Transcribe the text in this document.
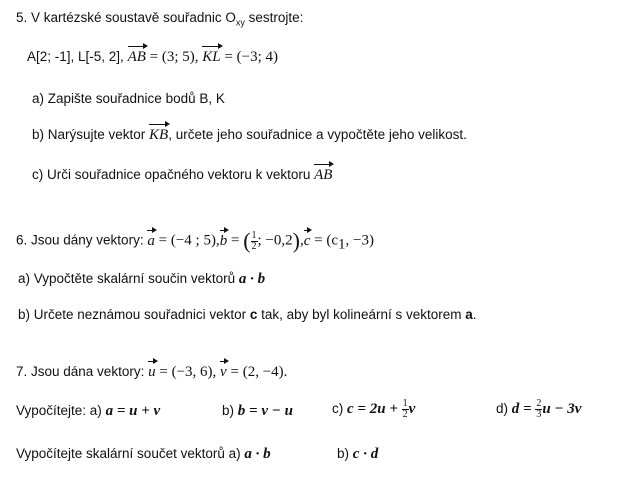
5. V kartézské soustavě souřadnic $O_{xy}$ sestrojte:
A[2; -1], L[-5, 2], AB = (3; 5), KL = (−3; 4)
a) Zapište souřadnice bodů B, K
b) Narýsujte vektor KB, určete jeho souřadnice a vypočtěte jeho velikost.
c) Urči souřadnice opačného vektoru k vektoru AB
6. Jsou dány vektory: a = (−4 ; 5),b = ( $\frac{1}{2}$ ; $-0,2),c = (c_1$, −3)
a) Vypočtěte skalární součin vektorů a · b
b) Určete neznámou souřadnici vektor c tak, aby byl kolineární s vektorem a.
7. Jsou dána vektory: u = (−3, 6), v = (2, −4).
Vypočítejte: a) a = u + v	b) b = v − u	c) $c = 2u + \frac{1}{2}$ v	d) $d = \frac{2}{3}$ u − 3v
Vypočítejte skalární součet vektorů a) a · b	b) c · d
